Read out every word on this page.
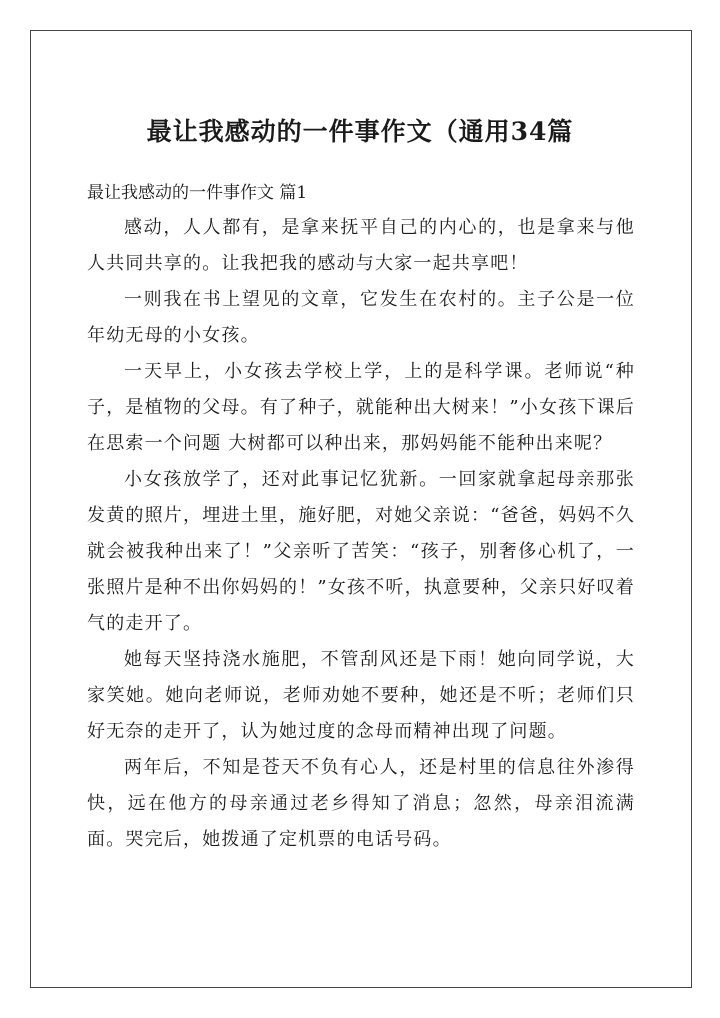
最让我感动的一件事作文（通用34篇

最让我感动的一件事作文 篇1

感动，人人都有，是拿来抚平自己的内心的，也是拿来与他人共同共享的。让我把我的感动与大家一起共享吧！

一则我在书上望见的文章，它发生在农村的。主子公是一位年幼无母的小女孩。

一天早上，小女孩去学校上学，上的是科学课。老师说“种子，是植物的父母。有了种子，就能种出大树来！”小女孩下课后在思索一个问题 大树都可以种出来，那妈妈能不能种出来呢？

小女孩放学了，还对此事记忆犹新。一回家就拿起母亲那张发黄的照片，埋进土里，施好肥，对她父亲说：“爸爸，妈妈不久就会被我种出来了！”父亲听了苦笑：“孩子，别奢侈心机了，一张照片是种不出你妈妈的！”女孩不听，执意要种，父亲只好叹着气的走开了。

她每天坚持浇水施肥，不管刮风还是下雨！她向同学说，大家笑她。她向老师说，老师劝她不要种，她还是不听；老师们只好无奈的走开了，认为她过度的念母而精神出现了问题。

两年后，不知是苍天不负有心人，还是村里的信息往外渗得快，远在他方的母亲通过老乡得知了消息；忽然，母亲泪流满面。哭完后，她拨通了定机票的电话号码。
